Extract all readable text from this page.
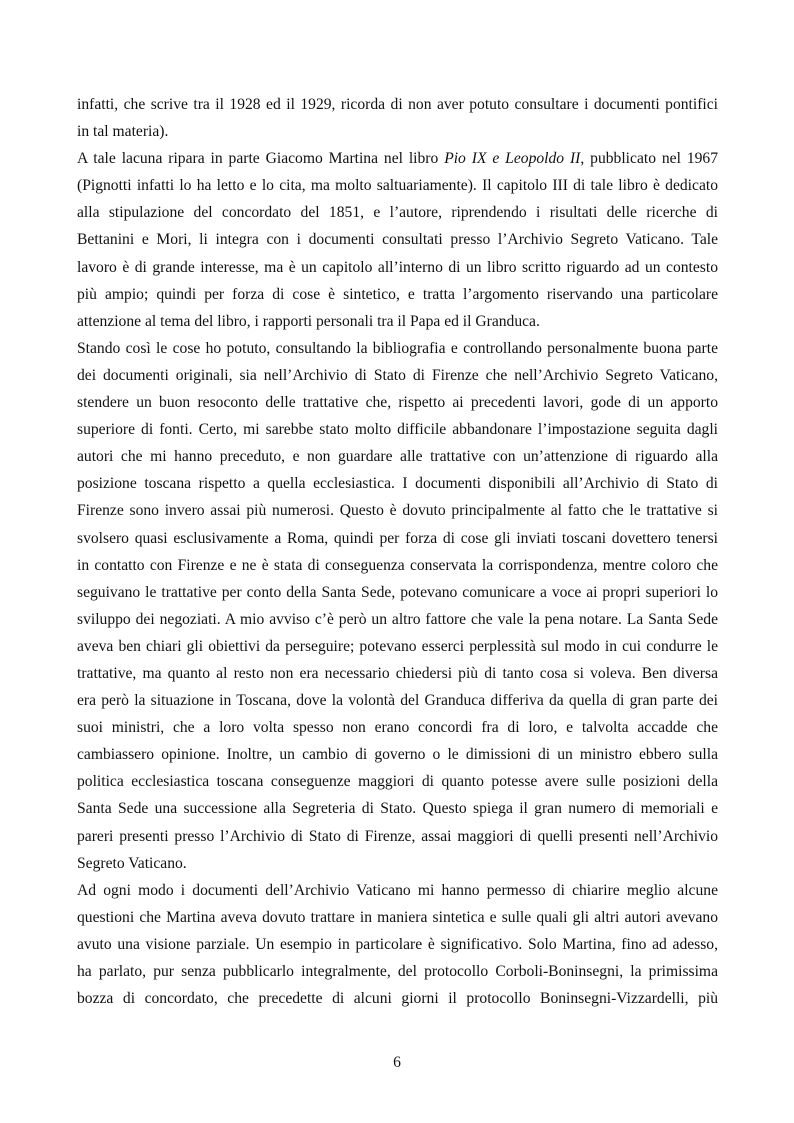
infatti, che scrive tra il 1928 ed il 1929, ricorda di non aver potuto consultare i documenti pontifici
in tal materia).
A tale lacuna ripara in parte Giacomo Martina nel libro Pio IX e Leopoldo II, pubblicato nel 1967
(Pignotti infatti lo ha letto e lo cita, ma molto saltuariamente). Il capitolo III di tale libro è dedicato
alla stipulazione del concordato del 1851, e l’autore, riprendendo i risultati delle ricerche di
Bettanini e Mori, li integra con i documenti consultati presso l’Archivio Segreto Vaticano. Tale
lavoro è di grande interesse, ma è un capitolo all’interno di un libro scritto riguardo ad un contesto
più ampio; quindi per forza di cose è sintetico, e tratta l’argomento riservando una particolare
attenzione al tema del libro, i rapporti personali tra il Papa ed il Granduca.
Stando così le cose ho potuto, consultando la bibliografia e controllando personalmente buona parte
dei documenti originali, sia nell’Archivio di Stato di Firenze che nell’Archivio Segreto Vaticano,
stendere un buon resoconto delle trattative che, rispetto ai precedenti lavori, gode di un apporto
superiore di fonti. Certo, mi sarebbe stato molto difficile abbandonare l’impostazione seguita dagli
autori che mi hanno preceduto, e non guardare alle trattative con un’attenzione di riguardo alla
posizione toscana rispetto a quella ecclesiastica. I documenti disponibili all’Archivio di Stato di
Firenze sono invero assai più numerosi. Questo è dovuto principalmente al fatto che le trattative si
svolsero quasi esclusivamente a Roma, quindi per forza di cose gli inviati toscani dovettero tenersi
in contatto con Firenze e ne è stata di conseguenza conservata la corrispondenza, mentre coloro che
seguivano le trattative per conto della Santa Sede, potevano comunicare a voce ai propri superiori lo
sviluppo dei negoziati. A mio avviso c’è però un altro fattore che vale la pena notare. La Santa Sede
aveva ben chiari gli obiettivi da perseguire; potevano esserci perplessità sul modo in cui condurre le
trattative, ma quanto al resto non era necessario chiedersi più di tanto cosa si voleva. Ben diversa
era però la situazione in Toscana, dove la volontà del Granduca differiva da quella di gran parte dei
suoi ministri, che a loro volta spesso non erano concordi fra di loro, e talvolta accadde che
cambiassero opinione. Inoltre, un cambio di governo o le dimissioni di un ministro ebbero sulla
politica ecclesiastica toscana conseguenze maggiori di quanto potesse avere sulle posizioni della
Santa Sede una successione alla Segreteria di Stato. Questo spiega il gran numero di memoriali e
pareri presenti presso l’Archivio di Stato di Firenze, assai maggiori di quelli presenti nell’Archivio
Segreto Vaticano.
Ad ogni modo i documenti dell’Archivio Vaticano mi hanno permesso di chiarire meglio alcune
questioni che Martina aveva dovuto trattare in maniera sintetica e sulle quali gli altri autori avevano
avuto una visione parziale. Un esempio in particolare è significativo. Solo Martina, fino ad adesso,
ha parlato, pur senza pubblicarlo integralmente, del protocollo Corboli-Boninsegni, la primissima
bozza di concordato, che precedette di alcuni giorni il protocollo Boninsegni-Vizzardelli, più
6
